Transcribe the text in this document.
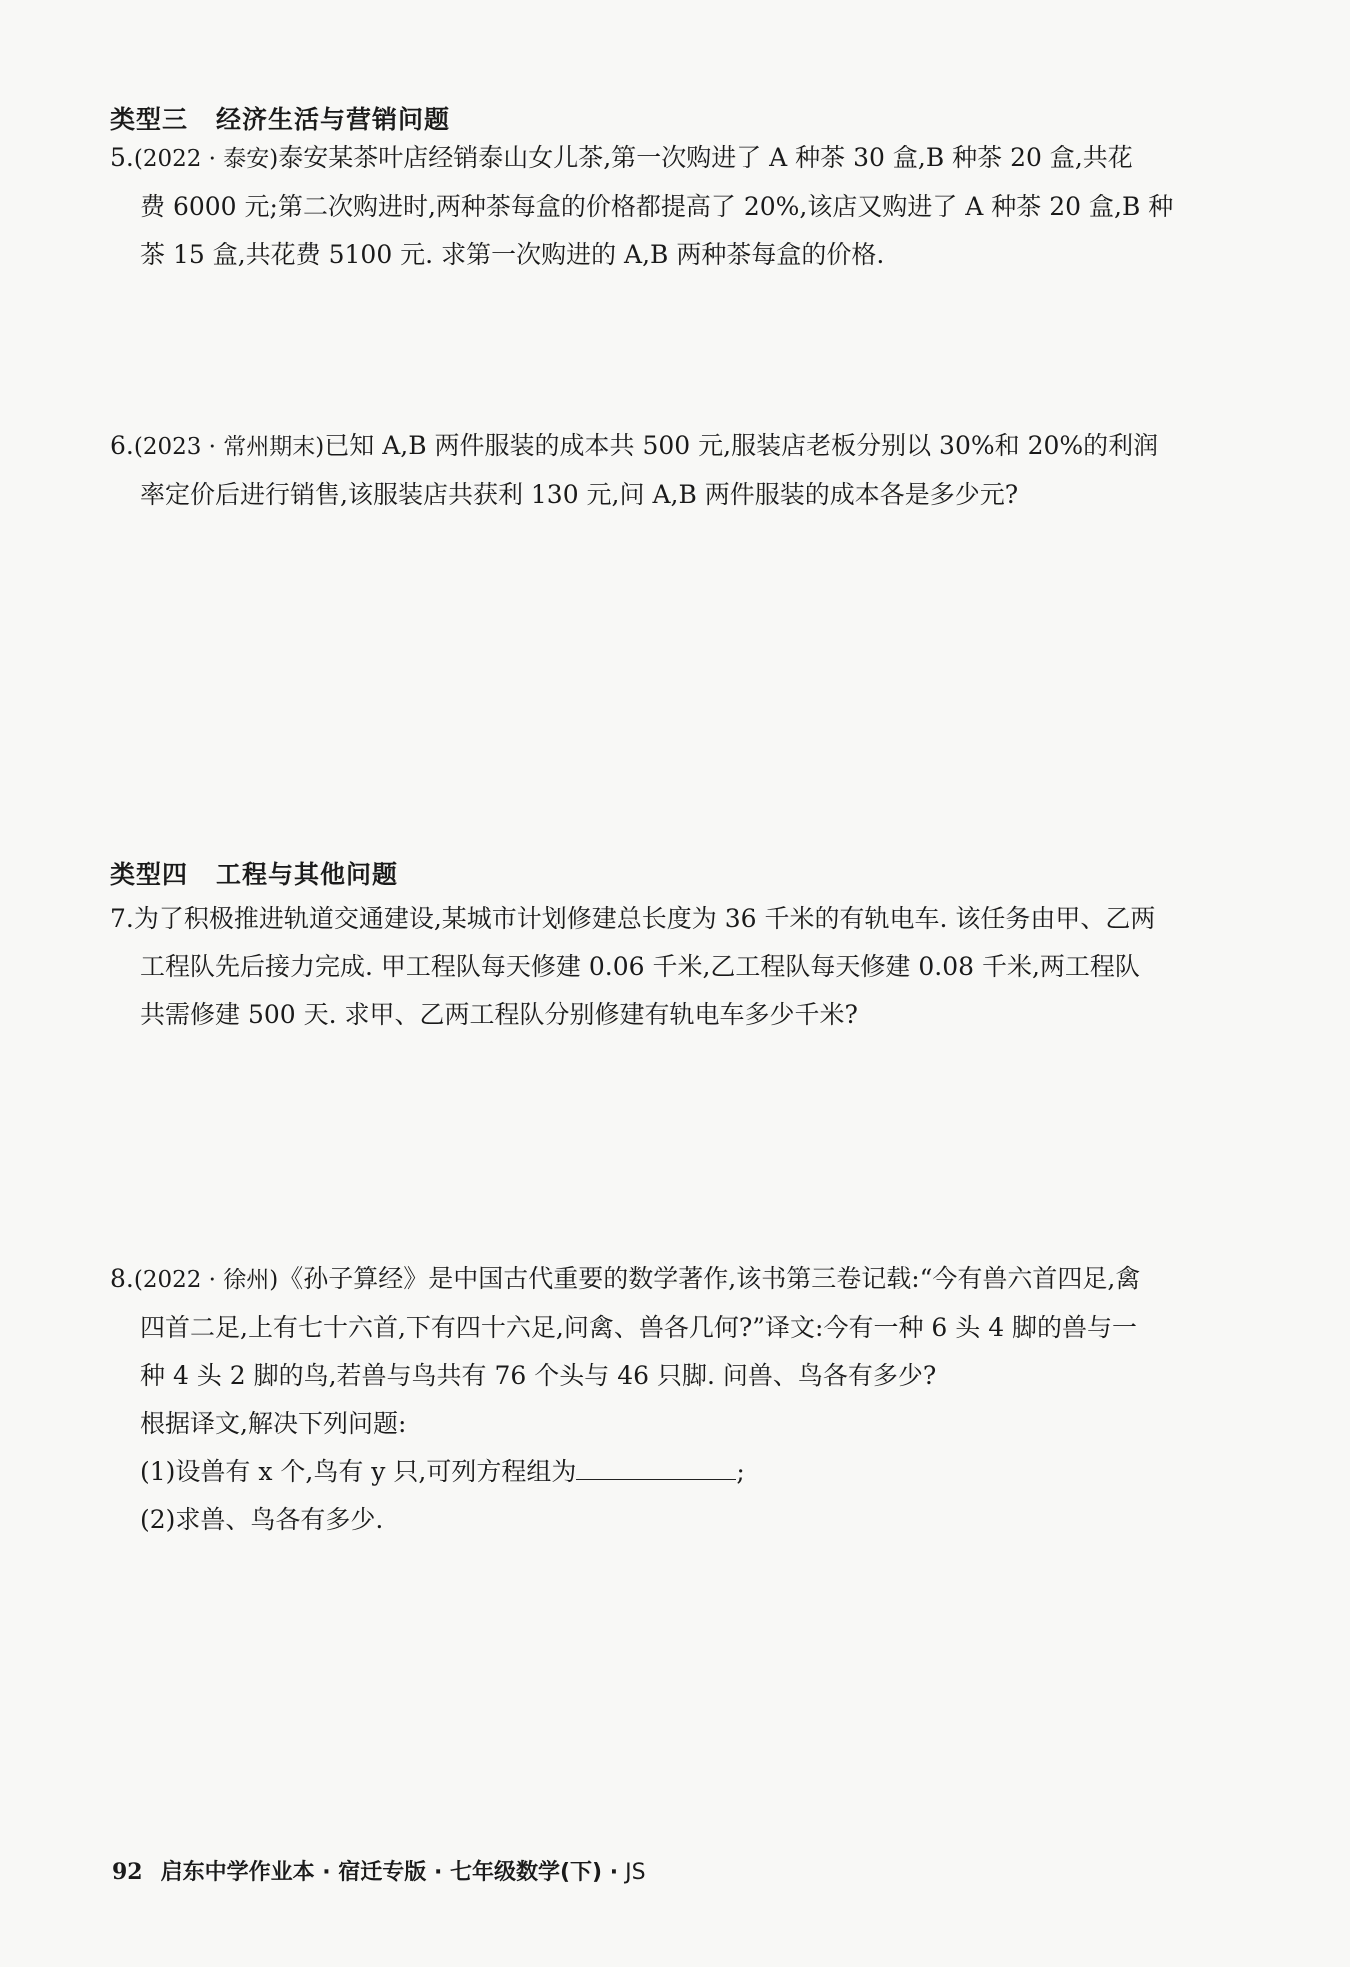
类型三 经济生活与营销问题
5.(2022 · 泰安)泰安某茶叶店经销泰山女儿茶,第一次购进了 A 种茶 30 盒,B 种茶 20 盒,共花
费 6000 元;第二次购进时,两种茶每盒的价格都提高了 20%,该店又购进了 A 种茶 20 盒,B 种
茶 15 盒,共花费 5100 元. 求第一次购进的 A,B 两种茶每盒的价格.
6.(2023 · 常州期末)已知 A,B 两件服装的成本共 500 元,服装店老板分别以 30%和 20%的利润
率定价后进行销售,该服装店共获利 130 元,问 A,B 两件服装的成本各是多少元?
类型四 工程与其他问题
7.为了积极推进轨道交通建设,某城市计划修建总长度为 36 千米的有轨电车. 该任务由甲、乙两
工程队先后接力完成. 甲工程队每天修建 0.06 千米,乙工程队每天修建 0.08 千米,两工程队
共需修建 500 天. 求甲、乙两工程队分别修建有轨电车多少千米?
8.(2022 · 徐州)《孙子算经》是中国古代重要的数学著作,该书第三卷记载:“今有兽六首四足,禽
四首二足,上有七十六首,下有四十六足,问禽、兽各几何?”译文:今有一种 6 头 4 脚的兽与一
种 4 头 2 脚的鸟,若兽与鸟共有 76 个头与 46 只脚. 问兽、鸟各有多少?
根据译文,解决下列问题:
(1)设兽有 x 个,鸟有 y 只,可列方程组为	;
(2)求兽、鸟各有多少.
92 启东中学作业本 · 宿迁专版 · 七年级数学(下) · JS
